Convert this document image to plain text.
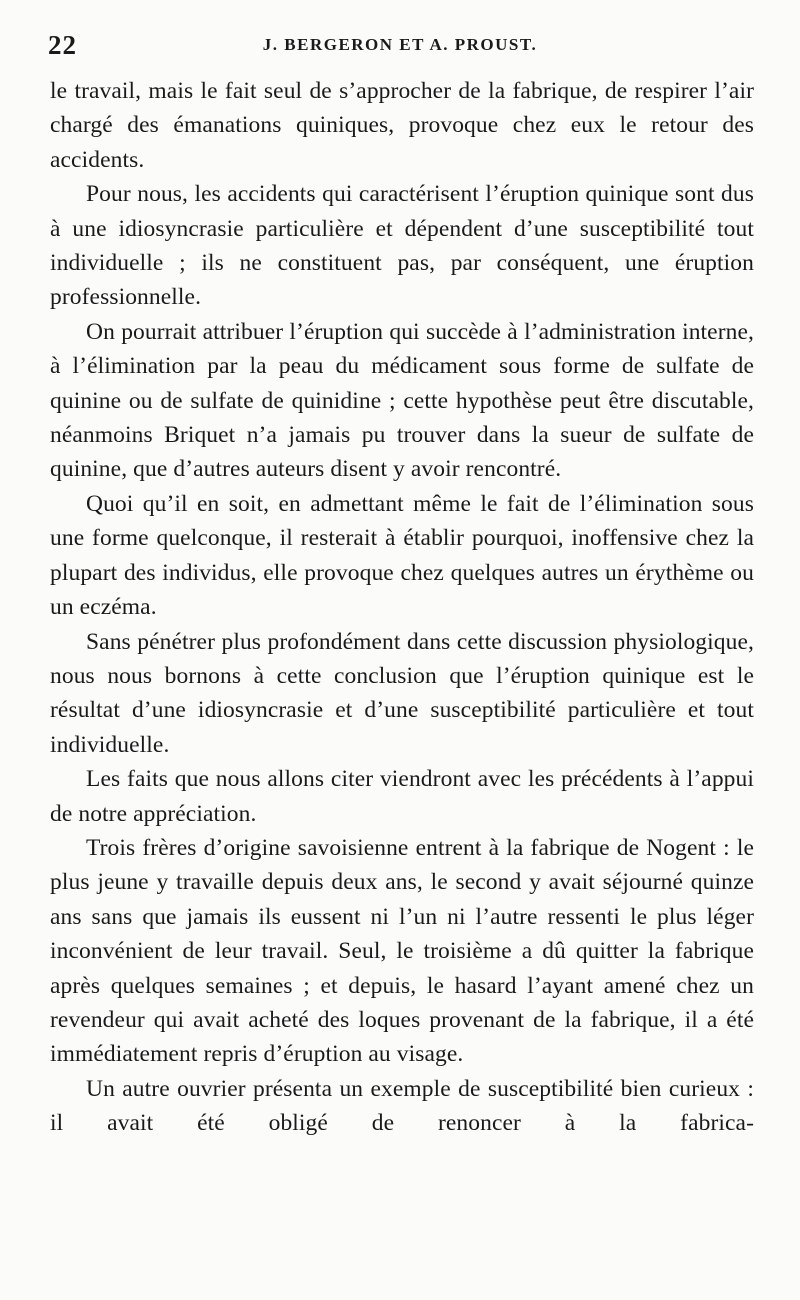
22	J. BERGERON ET A. PROUST.

le travail, mais le fait seul de s’approcher de la fabrique, de respirer l’air chargé des émanations quiniques, provoque chez eux le retour des accidents.

Pour nous, les accidents qui caractérisent l’éruption quinique sont dus à une idiosyncrasie particulière et dépendent d’une susceptibilité tout individuelle ; ils ne constituent pas, par conséquent, une éruption professionnelle.

On pourrait attribuer l’éruption qui succède à l’administration interne, à l’élimination par la peau du médicament sous forme de sulfate de quinine ou de sulfate de quinidine ; cette hypothèse peut être discutable, néanmoins Briquet n’a jamais pu trouver dans la sueur de sulfate de quinine, que d’autres auteurs disent y avoir rencontré.

Quoi qu’il en soit, en admettant même le fait de l’élimination sous une forme quelconque, il resterait à établir pourquoi, inoffensive chez la plupart des individus, elle provoque chez quelques autres un érythème ou un eczéma.

Sans pénétrer plus profondément dans cette discussion physiologique, nous nous bornons à cette conclusion que l’éruption quinique est le résultat d’une idiosyncrasie et d’une susceptibilité particulière et tout individuelle.

Les faits que nous allons citer viendront avec les précédents à l’appui de notre appréciation.

Trois frères d’origine savoisienne entrent à la fabrique de Nogent : le plus jeune y travaille depuis deux ans, le second y avait séjourné quinze ans sans que jamais ils eussent ni l’un ni l’autre ressenti le plus léger inconvénient de leur travail. Seul, le troisième a dû quitter la fabrique après quelques semaines ; et depuis, le hasard l’ayant amené chez un revendeur qui avait acheté des loques provenant de la fabrique, il a été immédiatement repris d’éruption au visage.

Un autre ouvrier présenta un exemple de susceptibilité bien curieux : il avait été obligé de renoncer à la fabrica-
